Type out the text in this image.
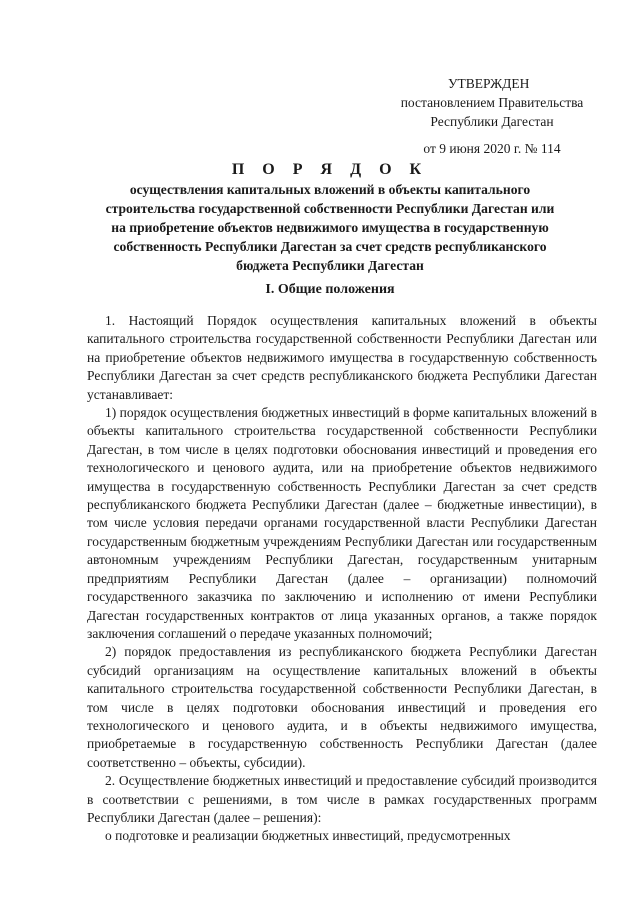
УТВЕРЖДЕН
постановлением Правительства
Республики Дагестан
от 9 июня 2020 г. № 114
П О Р Я Д О К
осуществления капитальных вложений в объекты капитального
строительства государственной собственности Республики Дагестан или
на приобретение объектов недвижимого имущества в государственную
собственность Республики Дагестан за счет средств республиканского
бюджета Республики Дагестан
I. Общие положения

1. Настоящий Порядок осуществления капитальных вложений в объекты капитального строительства государственной собственности Республики Дагестан или на приобретение объектов недвижимого имущества в государственную собственность Республики Дагестан за счет средств республиканского бюджета Республики Дагестан устанавливает:

1) порядок осуществления бюджетных инвестиций в форме капитальных вложений в объекты капитального строительства государственной собственности Республики Дагестан, в том числе в целях подготовки обоснования инвестиций и проведения его технологического и ценового аудита, или на приобретение объектов недвижимого имущества в государственную собственность Республики Дагестан за счет средств республиканского бюджета Республики Дагестан (далее – бюджетные инвестиции), в том числе условия передачи органами государственной власти Республики Дагестан государственным бюджетным учреждениям Республики Дагестан или государственным автономным учреждениям Республики Дагестан, государственным унитарным предприятиям Республики Дагестан (далее – организации) полномочий государственного заказчика по заключению и исполнению от имени Республики Дагестан государственных контрактов от лица указанных органов, а также порядок заключения соглашений о передаче указанных полномочий;

2) порядок предоставления из республиканского бюджета Республики Дагестан субсидий организациям на осуществление капитальных вложений в объекты капитального строительства государственной собственности Республики Дагестан, в том числе в целях подготовки обоснования инвестиций и проведения его технологического и ценового аудита, и в объекты недвижимого имущества, приобретаемые в государственную собственность Республики Дагестан (далее соответственно – объекты, субсидии).

2. Осуществление бюджетных инвестиций и предоставление субсидий производится в соответствии с решениями, в том числе в рамках государственных программ Республики Дагестан (далее – решения):

о подготовке и реализации бюджетных инвестиций, предусмотренных
